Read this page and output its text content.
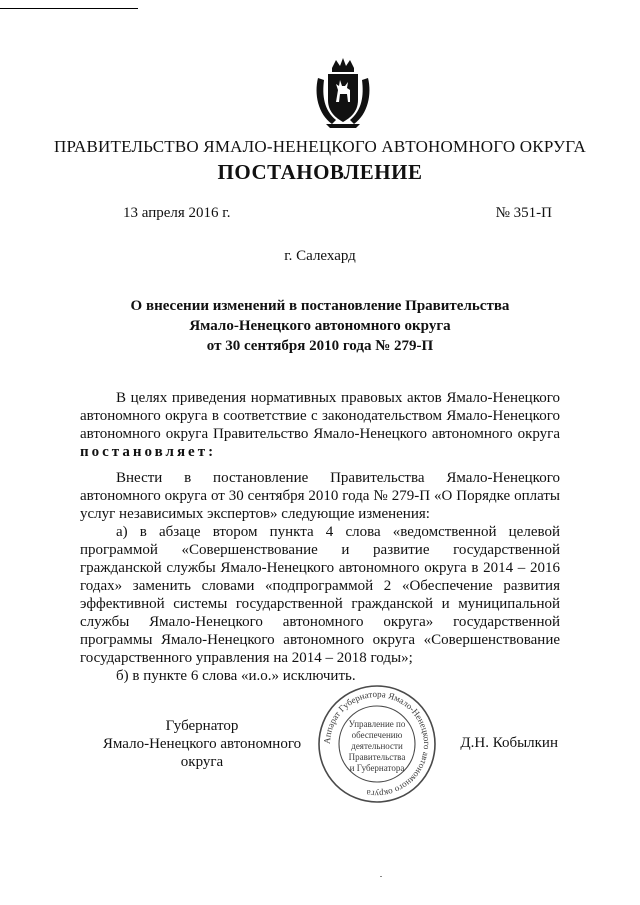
ПРАВИТЕЛЬСТВО ЯМАЛО-НЕНЕЦКОГО АВТОНОМНОГО ОКРУГА
ПОСТАНОВЛЕНИЕ
13 апреля 2016 г.	№ 351-П
г. Салехард
О внесении изменений в постановление Правительства
Ямало-Ненецкого автономного округа
от 30 сентября 2010 года № 279-П

В целях приведения нормативных правовых актов Ямало-Ненецкого автономного округа в соответствие с законодательством Ямало-Ненецкого автономного округа Правительство Ямало-Ненецкого автономного округа постановляет:

Внести в постановление Правительства Ямало-Ненецкого автономного округа от 30 сентября 2010 года № 279-П «О Порядке оплаты услуг независимых экспертов» следующие изменения:

а) в абзаце втором пункта 4 слова «ведомственной целевой программой «Совершенствование и развитие государственной гражданской службы Ямало-Ненецкого автономного округа в 2014 – 2016 годах» заменить словами «подпрограммой 2 «Обеспечение развития эффективной системы государственной гражданской и муниципальной службы Ямало-Ненецкого автономного округа» государственной программы Ямало-Ненецкого автономного округа «Совершенствование государственного управления на 2014 – 2018 годы»;

б) в пункте 6 слова «и.о.» исключить.

Губернатор
Ямало-Ненецкого автономного округа
Д.Н. Кобылкин
Аппарат Губернатора Ямало-Ненецкого автономного округа
Управление по
обеспечению
деятельности
Правительства
и Губернатора
